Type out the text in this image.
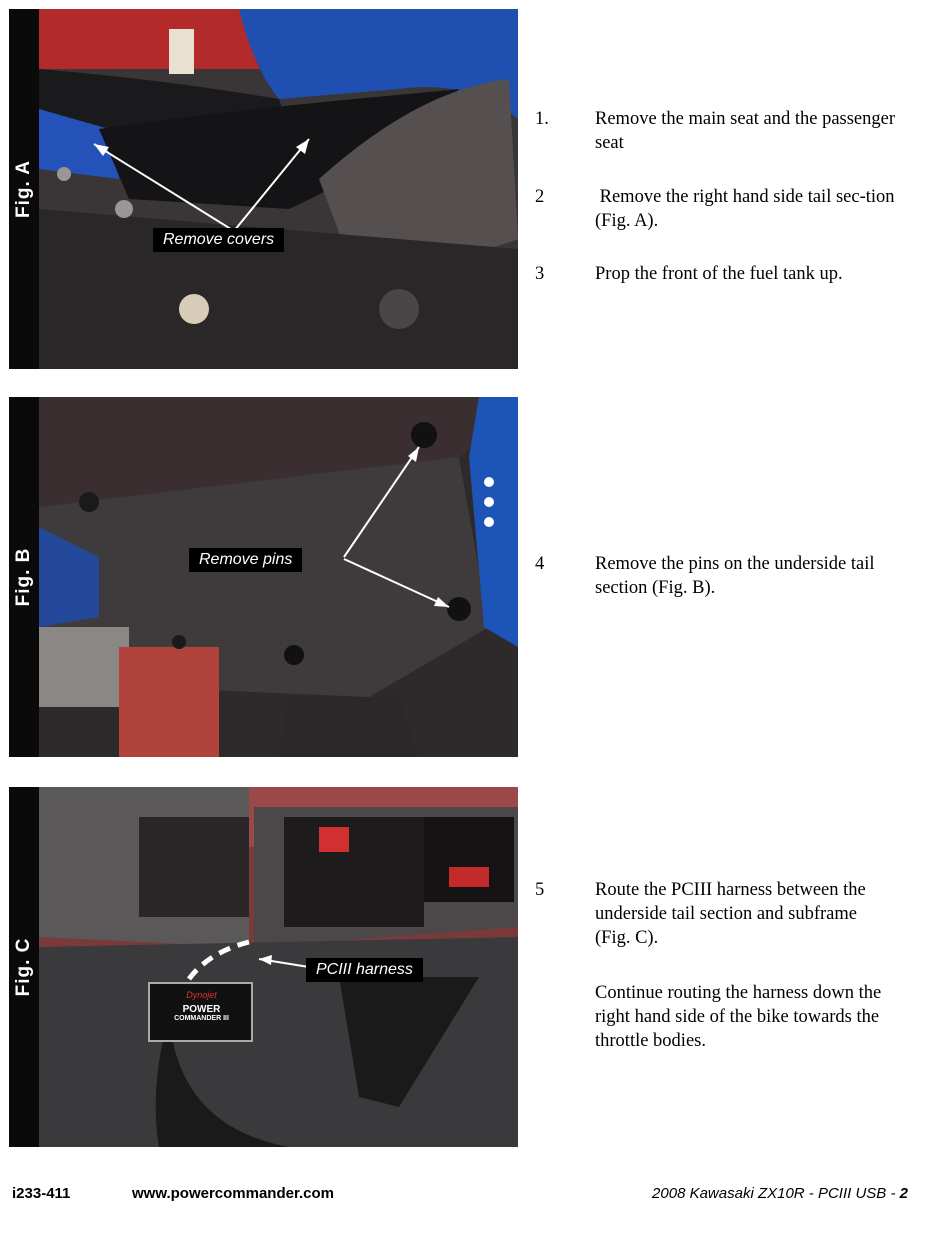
Fig. A
Remove covers
Fig. B	Remove pins
Fig. C	Dynojet
POWER
COMMANDER III
PCIII harness
1. Remove the main seat and the passenger seat
2	Remove the right hand side tail sec-tion (Fig. A).
3	Prop the front of the fuel tank up.
4	Remove the pins on the underside tail section (Fig. B).
5	Route the PCIII harness between the underside tail section and subframe (Fig. C).
Continue routing the harness down the right hand side of the bike towards the throttle bodies.
i233-411	www.powercommander.com	2008 Kawasaki ZX10R - PCIII USB - 2
